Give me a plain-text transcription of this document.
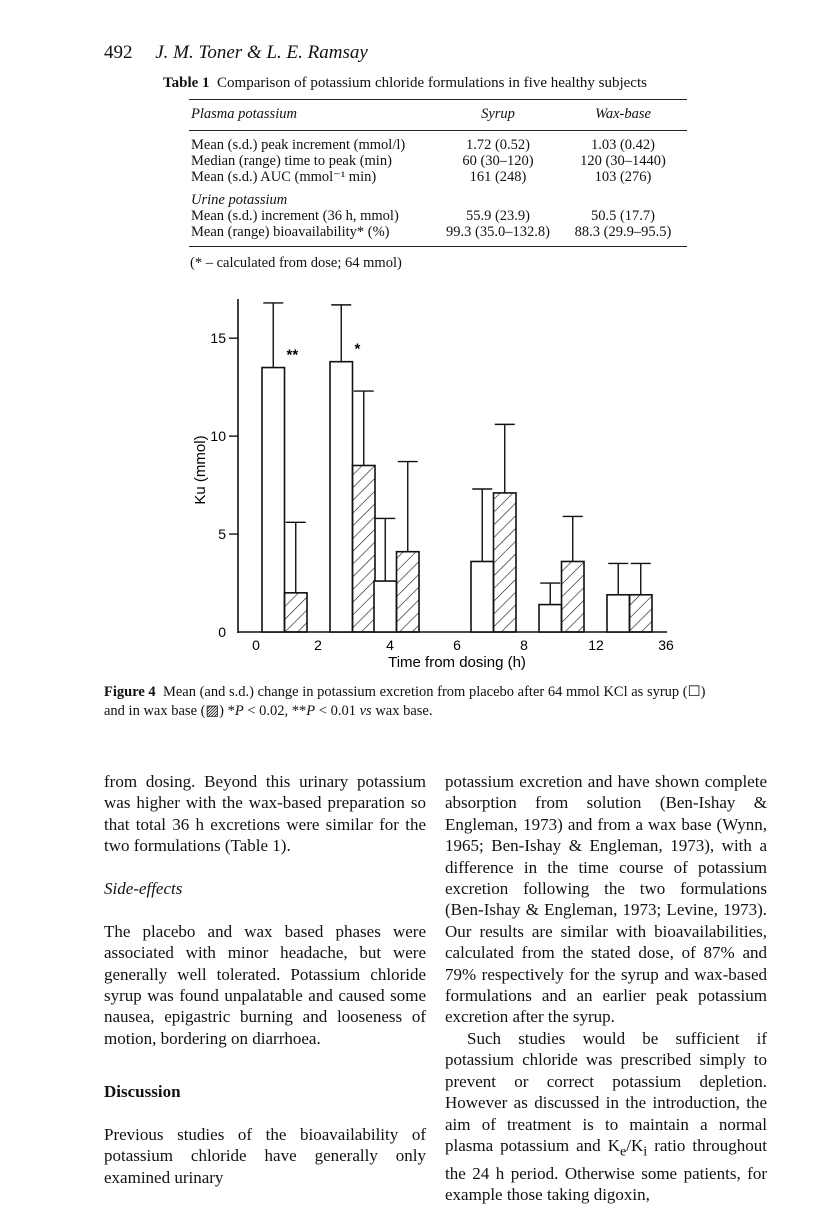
492 J. M. Toner & L. E. Ramsay
Table 1 Comparison of potassium chloride formulations in five healthy subjects
Plasma potassium	Syrup	Wax-base
Mean (s.d.) peak increment (mmol/l)	1.72 (0.52)	1.03 (0.42)
Median (range) time to peak (min)	60 (30–120)	120 (30–1440)
Mean (s.d.) AUC (mmol⁻¹ min)	161 (248)	103 (276)
Urine potassium
Mean (s.d.) increment (36 h, mmol)	55.9 (23.9)	50.5 (17.7)
Mean (range) bioavailability* (%)	99.3 (35.0–132.8)	88.3 (29.9–95.5)
(* – calculated from dose; 64 mmol)
0
5
10
15
0	2	4	6	8	12	36
**	*
Time from dosing (h)
Ku (mmol)
Figure 4 Mean (and s.d.) change in potassium excretion from placebo after 64 mmol KCl as syrup (☐)
and in wax base (▨) *P < 0.02, **P < 0.01 vs wax base.

from dosing. Beyond this urinary potassium was higher with the wax-based preparation so that total 36 h excretions were similar for the two formulations (Table 1).

Side-effects

The placebo and wax based phases were associated with minor headache, but were generally well tolerated. Potassium chloride syrup was found unpalatable and caused some nausea, epigastric burning and looseness of motion, bordering on diarrhoea.

Discussion

Previous studies of the bioavailability of potassium chloride have generally only examined urinary

potassium excretion and have shown complete absorption from solution (Ben-Ishay & Engleman, 1973) and from a wax base (Wynn, 1965; Ben-Ishay & Engleman, 1973), with a difference in the time course of potassium excretion following the two formulations (Ben-Ishay & Engleman, 1973; Levine, 1973). Our results are similar with bioavailabilities, calculated from the stated dose, of 87% and 79% respectively for the syrup and wax-based formulations and an earlier peak potassium excretion after the syrup.

Such studies would be sufficient if potassium chloride was prescribed simply to prevent or correct potassium depletion. However as discussed in the introduction, the aim of treatment is to maintain a normal plasma potassium and $K_e/K_i$ ratio throughout the 24 h period. Otherwise some patients, for example those taking digoxin,
